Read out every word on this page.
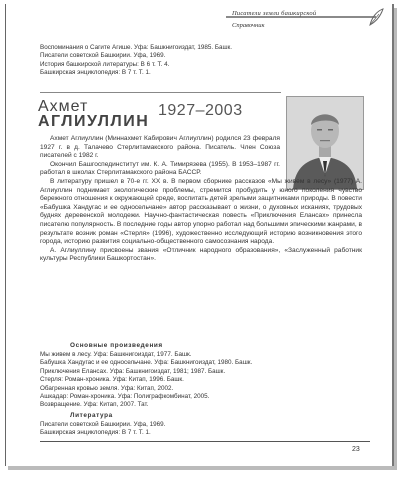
Писатели земли башкирской
Справочник
Воспоминания о Сагите Агише. Уфа: Башкнигоиздат, 1985. Башк.
Писатели советской Башкирии. Уфа, 1969.
История башкирской литературы: В 6 т. Т. 4.
Башкирская энциклопедия: В 7 т. Т. 1.
Ахмет
АГЛИУЛЛИН
1927–2003

Ахмет Аглиуллин (Миннахмет Кабирович Аглиуллин) родился 23 февраля 1927 г. в д. Талачево Стерлитамакского района. Писатель. Член Союза писателей с 1982 г.

Окончил Башгоспединститут им. К. А. Тимирязева (1955). В 1953–1987 гг. работал в школах Стерлитамакского района БАССР.

В литературу пришел в 70-е гг. XX в. В первом сборнике рассказов «Мы живем в лесу» (1977) А. Аглиуллин поднимает экологические проблемы, стремится пробудить у юного поколения чувство бережного отношения к окружающей среде, воспитать детей зрелыми защитниками природы. В повести «Бабушка Хандугас и ее односельчане» автор рассказывает о жизни, о духовных исканиях, трудовых буднях деревенской молодежи. Научно-фантастическая повесть «Приключения Елансах» принесла писателю популярность. В последние годы автор упорно работал над большими эпическими жанрами, в результате возник роман «Стерля» (1996), художественно исследующий историю возникновения этого города, историю развития социально-общественного самосознания народа.

А. Аглиуллину присвоены звания «Отличник народного образования», «Заслуженный работник культуры Республики Башкортостан».

Основные произведения
Мы живем в лесу. Уфа: Башкнигоиздат, 1977. Башк.
Бабушка Хандугас и ее односельчане. Уфа: Башкнигоиздат, 1980. Башк.
Приключения Елансах. Уфа: Башкнигоиздат, 1981; 1987. Башк.
Стерля: Роман-хроника. Уфа: Китап, 1996. Башк.
Обагренная кровью земля. Уфа: Китап, 2002.
Ашкадар: Роман-хроника. Уфа: Полиграфкомбинат, 2005.
Возвращение. Уфа: Китап, 2007. Тат.
Литература
Писатели советской Башкирии. Уфа, 1969.
Башкирская энциклопедия: В 7 т. Т. 1.
23
